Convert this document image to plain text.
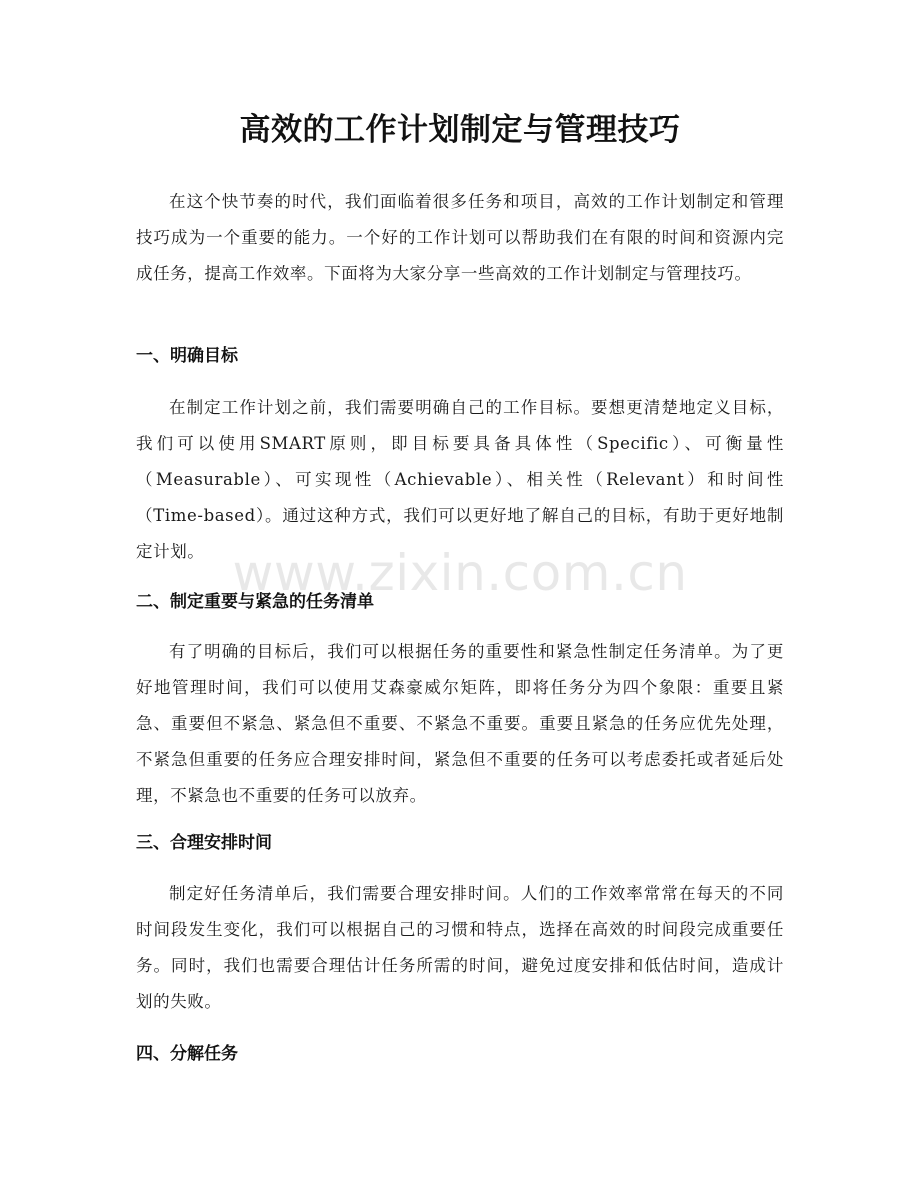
高效的工作计划制定与管理技巧

在这个快节奏的时代，我们面临着很多任务和项目，高效的工作计划制定和管理技巧成为一个重要的能力。一个好的工作计划可以帮助我们在有限的时间和资源内完成任务，提高工作效率。下面将为大家分享一些高效的工作计划制定与管理技巧。

一、明确目标

在制定工作计划之前，我们需要明确自己的工作目标。要想更清楚地定义目标，我们可以使用SMART原则，即目标要具备具体性（Specific）、可衡量性（Measurable）、可实现性（Achievable）、相关性（Relevant）和时间性（Time-based）。通过这种方式，我们可以更好地了解自己的目标，有助于更好地制定计划。

二、制定重要与紧急的任务清单

有了明确的目标后，我们可以根据任务的重要性和紧急性制定任务清单。为了更好地管理时间，我们可以使用艾森豪威尔矩阵，即将任务分为四个象限：重要且紧急、重要但不紧急、紧急但不重要、不紧急不重要。重要且紧急的任务应优先处理，不紧急但重要的任务应合理安排时间，紧急但不重要的任务可以考虑委托或者延后处理，不紧急也不重要的任务可以放弃。

三、合理安排时间

制定好任务清单后，我们需要合理安排时间。人们的工作效率常常在每天的不同时间段发生变化，我们可以根据自己的习惯和特点，选择在高效的时间段完成重要任务。同时，我们也需要合理估计任务所需的时间，避免过度安排和低估时间，造成计划的失败。

四、分解任务
www.zixin.com.cn
